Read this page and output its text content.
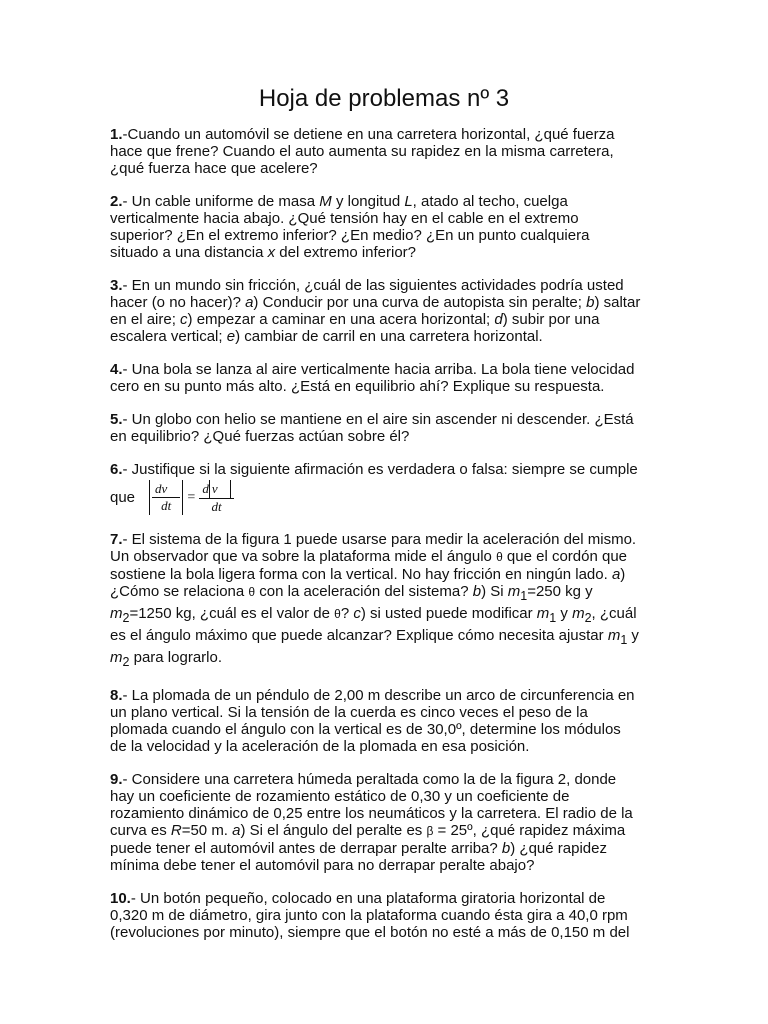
Hoja de problemas nº 3
1.-Cuando un automóvil se detiene en una carretera horizontal, ¿qué fuerza
hace que frene? Cuando el auto aumenta su rapidez en la misma carretera,
¿qué fuerza hace que acelere?
2.- Un cable uniforme de masa M y longitud L, atado al techo, cuelga
verticalmente hacia abajo. ¿Qué tensión hay en el cable en el extremo
superior? ¿En el extremo inferior? ¿En medio? ¿En un punto cualquiera
situado a una distancia x del extremo inferior?
3.- En un mundo sin fricción, ¿cuál de las siguientes actividades podría usted
hacer (o no hacer)? a) Conducir por una curva de autopista sin peralte; b) saltar
en el aire; c) empezar a caminar en una acera horizontal; d) subir por una
escalera vertical; e) cambiar de carril en una carretera horizontal.
4.- Una bola se lanza al aire verticalmente hacia arriba. La bola tiene velocidad
cero en su punto más alto. ¿Está en equilibrio ahí? Explique su respuesta.
5.- Un globo con helio se mantiene en el aire sin ascender ni descender. ¿Está
en equilibrio? ¿Qué fuerzas actúan sobre él?
6.- Justifique si la siguiente afirmación es verdadera o falsa: siempre se cumple
que $\frac{dv⃗}{dt} = \frac{\text{d v⃗}}{dt}$
7.- El sistema de la figura 1 puede usarse para medir la aceleración del mismo.
Un observador que va sobre la plataforma mide el ángulo θ que el cordón que
sostiene la bola ligera forma con la vertical. No hay fricción en ningún lado. a)
¿Cómo se relaciona θ con la aceleración del sistema? b) Si $m_1=250$ kg y
$m_2=1250$ kg, ¿cuál es el valor de θ? c) si usted puede modificar $m_1$ y $m_2$, ¿cuál
es el ángulo máximo que puede alcanzar? Explique cómo necesita ajustar $m_1$ y
$m_2$ para lograrlo.
8.- La plomada de un péndulo de 2,00 m describe un arco de circunferencia en
un plano vertical. Si la tensión de la cuerda es cinco veces el peso de la
plomada cuando el ángulo con la vertical es de 30,0º, determine los módulos
de la velocidad y la aceleración de la plomada en esa posición.
9.- Considere una carretera húmeda peraltada como la de la figura 2, donde
hay un coeficiente de rozamiento estático de 0,30 y un coeficiente de
rozamiento dinámico de 0,25 entre los neumáticos y la carretera. El radio de la
curva es R=50 m. a) Si el ángulo del peralte es β = 25º, ¿qué rapidez máxima
puede tener el automóvil antes de derrapar peralte arriba? b) ¿qué rapidez
mínima debe tener el automóvil para no derrapar peralte abajo?
10.- Un botón pequeño, colocado en una plataforma giratoria horizontal de
0,320 m de diámetro, gira junto con la plataforma cuando ésta gira a 40,0 rpm
(revoluciones por minuto), siempre que el botón no esté a más de 0,150 m del
